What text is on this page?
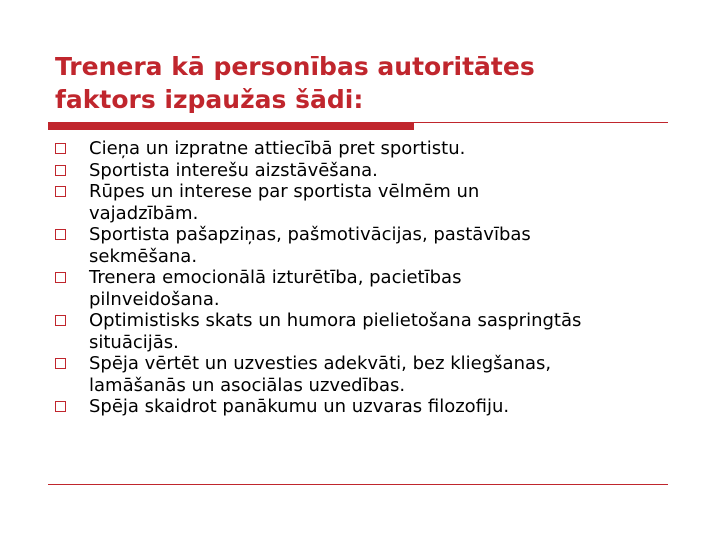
Trenera kā personības autoritātes
faktors izpaužas šādi:
Cieņa un izpratne attiecībā pret sportistu.
Sportista interešu aizstāvēšana.
Rūpes un interese par sportista vēlmēm un
vajadzībām.
Sportista pašapziņas, pašmotivācijas, pastāvības
sekmēšana.
Trenera emocionālā izturētība, pacietības
pilnveidošana.
Optimistisks skats un humora pielietošana saspringtās
situācijās.
Spēja vērtēt un uzvesties adekvāti, bez kliegšanas,
lamāšanās un asociālas uzvedības.
Spēja skaidrot panākumu un uzvaras filozofiju.
